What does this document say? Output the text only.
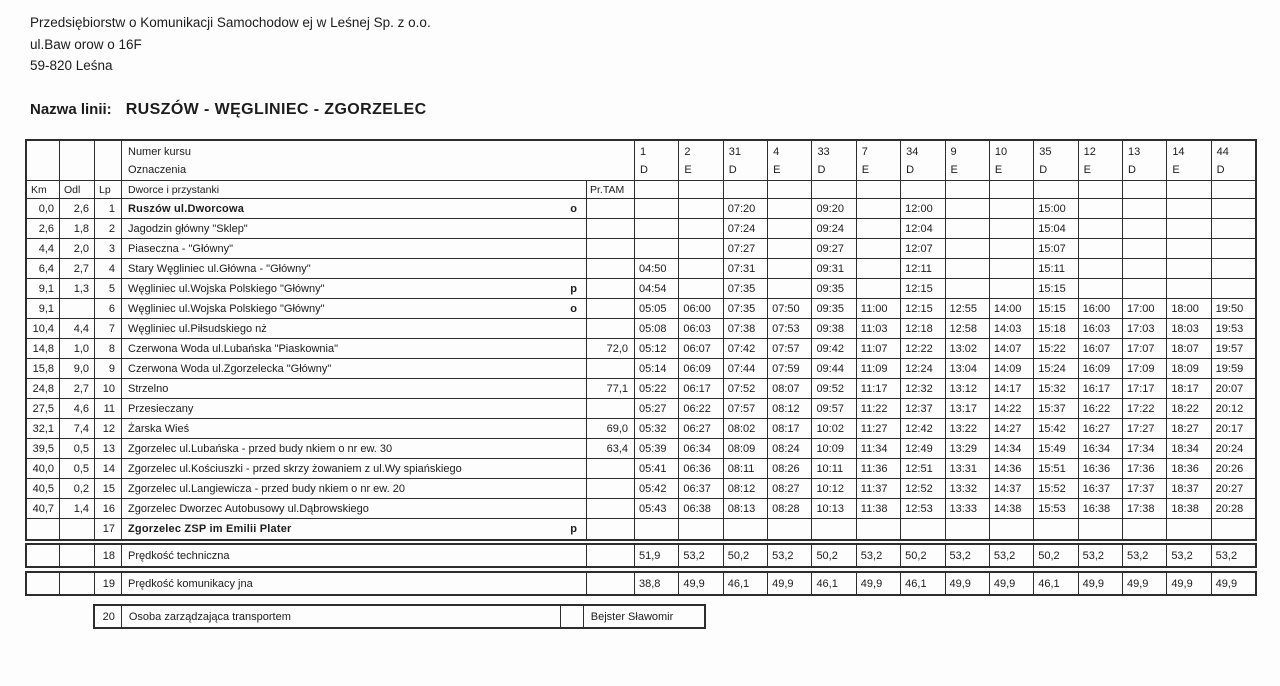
Przedsiębiorstw o Komunikacji Samochodow ej w Leśnej Sp. z o.o.
ul.Baw orow o 16F
59-820 Leśna
Nazwa linii: RUSZÓW - WĘGLINIEC - ZGORZELEC
Numer kursu
Oznaczenia
1
D
2
E
31
D
4
E
33
D
7
E
34
D
9
E
10
E
35
D
12
E
13
D
14
E
44
D
Km	Odl	Lp	Dworce i przystanki	Pr.TAM
0,0	2,6	1	Ruszów ul.Dworcowa	o	07:20	09:20	12:00	15:00
2,6	1,8	2	Jagodzin główny "Sklep"	07:24	09:24	12:04	15:04
4,4	2,0	3	Piaseczna - "Główny"	07:27	09:27	12:07	15:07
6,4	2,7	4	Stary Węgliniec ul.Główna - "Główny"	04:50	07:31	09:31	12:11	15:11
9,1	1,3	5	Węgliniec ul.Wojska Polskiego "Główny"	p	04:54	07:35	09:35	12:15	15:15
9,1	6	Węgliniec ul.Wojska Polskiego "Główny"	o	05:05	06:00	07:35	07:50	09:35	11:00	12:15	12:55	14:00	15:15	16:00	17:00	18:00	19:50
10,4	4,4	7	Węgliniec ul.Piłsudskiego nż	05:08	06:03	07:38	07:53	09:38	11:03	12:18	12:58	14:03	15:18	16:03	17:03	18:03	19:53
14,8	1,0	8	Czerwona Woda ul.Lubańska "Piaskownia"	72,0	05:12	06:07	07:42	07:57	09:42	11:07	12:22	13:02	14:07	15:22	16:07	17:07	18:07	19:57
15,8	9,0	9	Czerwona Woda ul.Zgorzelecka "Główny"	05:14	06:09	07:44	07:59	09:44	11:09	12:24	13:04	14:09	15:24	16:09	17:09	18:09	19:59
24,8	2,7	10	Strzelno	77,1	05:22	06:17	07:52	08:07	09:52	11:17	12:32	13:12	14:17	15:32	16:17	17:17	18:17	20:07
27,5	4,6	11	Przesieczany	05:27	06:22	07:57	08:12	09:57	11:22	12:37	13:17	14:22	15:37	16:22	17:22	18:22	20:12
32,1	7,4	12	Żarska Wieś	69,0	05:32	06:27	08:02	08:17	10:02	11:27	12:42	13:22	14:27	15:42	16:27	17:27	18:27	20:17
39,5	0,5	13	Zgorzelec ul.Lubańska - przed budy nkiem o nr ew. 30	63,4	05:39	06:34	08:09	08:24	10:09	11:34	12:49	13:29	14:34	15:49	16:34	17:34	18:34	20:24
40,0	0,5	14	Zgorzelec ul.Kościuszki - przed skrzy żowaniem z ul.Wy spiańskiego	05:41	06:36	08:11	08:26	10:11	11:36	12:51	13:31	14:36	15:51	16:36	17:36	18:36	20:26
40,5	0,2	15	Zgorzelec ul.Langiewicza - przed budy nkiem o nr ew. 20	05:42	06:37	08:12	08:27	10:12	11:37	12:52	13:32	14:37	15:52	16:37	17:37	18:37	20:27
40,7	1,4	16	Zgorzelec Dworzec Autobusowy ul.Dąbrowskiego	05:43	06:38	08:13	08:28	10:13	11:38	12:53	13:33	14:38	15:53	16:38	17:38	18:38	20:28
17	Zgorzelec ZSP im Emilii Plater	p
18	Prędkość techniczna	51,9	53,2	50,2	53,2	50,2	53,2	50,2	53,2	53,2	50,2	53,2	53,2	53,2	53,2
19	Prędkość komunikacy jna	38,8	49,9	46,1	49,9	46,1	49,9	46,1	49,9	49,9	46,1	49,9	49,9	49,9	49,9
20	Osoba zarządzająca transportem	Bejster Sławomir
